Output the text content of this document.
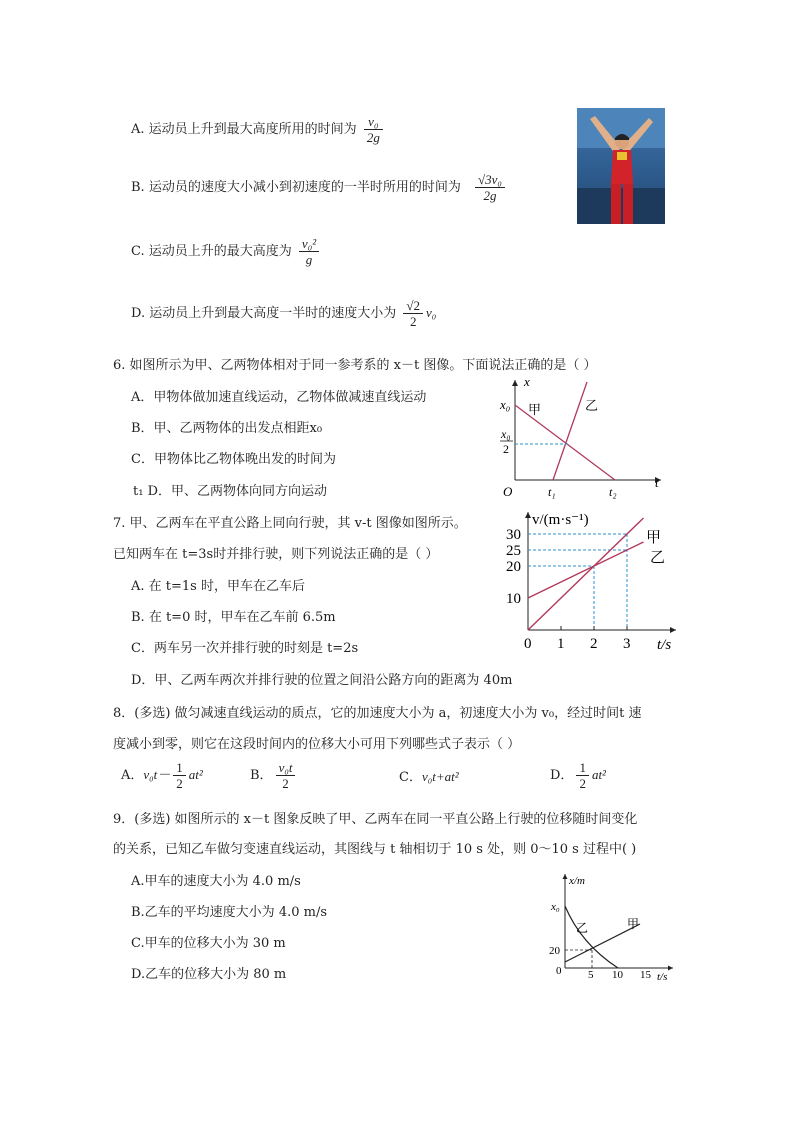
A. 运动员上升到最大高度所用的时间为 $\frac{\text{v₀}}{2g}$
B. 运动员的速度大小减小到初速度的一半时所用的时间为 $\frac{\text{√3v₀}}{2g}$
C. 运动员上升的最大高度为 $\frac{\text{v₀²}}{g}$
D. 运动员上升到最大高度一半时的速度大小为 $\frac{√2}{2} v_0$
6. 如图所示为甲、乙两物体相对于同一参考系的 x－t 图像。下面说法正确的是（ ）
A．甲物体做加速直线运动，乙物体做减速直线运动
B．甲、乙两物体的出发点相距x₀
C．甲物体比乙物体晚出发的时间为
t₁ D．甲、乙两物体向同方向运动
x
t
O
x₀
x₀
2
t₁	t₂
甲	乙
7. 甲、乙两车在平直公路上同向行驶，其 v-t 图像如图所示。
已知两车在 t=3s时并排行驶，则下列说法正确的是（ ）
A. 在 t=1s 时，甲车在乙车后
B. 在 t=0 时，甲车在乙车前 6.5m
C．两车另一次并排行驶的时刻是 t=2s
D．甲、乙两车两次并排行驶的位置之间沿公路方向的距离为 40m
v/(m·s⁻¹)
t/s
10
20
25
30
0 1 2 3
甲
乙
8．(多选) 做匀减速直线运动的质点，它的加速度大小为 a，初速度大小为 v₀，经过时间t 速
度减小到零，则它在这段时间内的位移大小可用下列哪些式子表示（ ）
A．$v_0t- \frac{1}{2} at^2$	B． $\frac{\text{v₀t}}{2}$	C．v₀t+at²	D． $\frac{1}{2} at^2$
9．(多选) 如图所示的 x－t 图象反映了甲、乙两车在同一平直公路上行驶的位移随时间变化
的关系，已知乙车做匀变速直线运动，其图线与 t 轴相切于 10 s 处，则 0～10 s 过程中( )
A.甲车的速度大小为 4.0 m/s
B.乙车的平均速度大小为 4.0 m/s
C.甲车的位移大小为 30 m
D.乙车的位移大小为 80 m
x/m
t/s
x₀
20
0 5 10 15
甲
乙
